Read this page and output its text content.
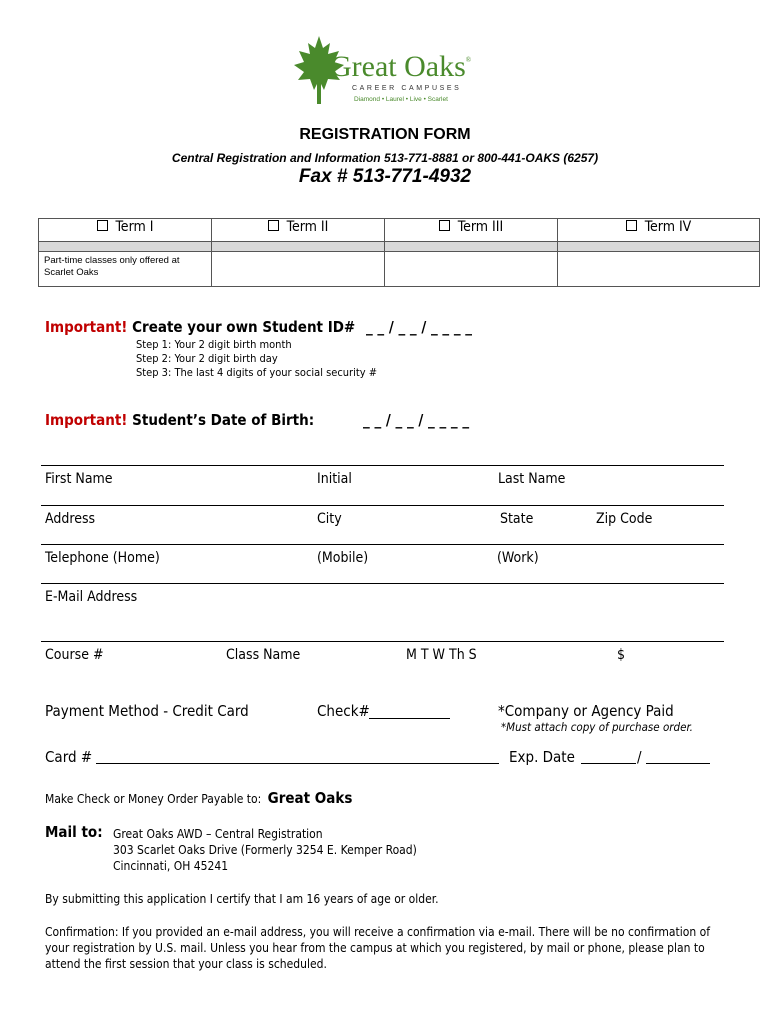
Great Oaks®
CAREER CAMPUSES
Diamond • Laurel • Live • Scarlet
REGISTRATION FORM
Central Registration and Information 513-771-8881 or 800-441-OAKS (6257)
Fax # 513-771-4932
Term I	Term II	Term III	Term IV

Part-time classes only offered at Scarlet Oaks			

Important! Create your own Student ID# _ _ / _ _ / _ _ _ _
Step 1: Your 2 digit birth month
Step 2: Your 2 digit birth day
Step 3: The last 4 digits of your social security #
Important! Student’s Date of Birth:	_ _ / _ _ / _ _ _ _
First Name	Initial	Last Name
Address	City	State	Zip Code
Telephone (Home)	(Mobile)	(Work)
E-Mail Address
Course #	Class Name	M T W Th S	$
Payment Method - Credit Card	Check#	*Company or Agency Paid
*Must attach copy of purchase order.
Card #	Exp. Date	/
Make Check or Money Order Payable to: Great Oaks
Mail to: Great Oaks AWD – Central Registration
303 Scarlet Oaks Drive (Formerly 3254 E. Kemper Road)
Cincinnati, OH 45241
By submitting this application I certify that I am 16 years of age or older.
Confirmation: If you provided an e-mail address, you will receive a confirmation via e-mail. There will be no confirmation of your registration by U.S. mail. Unless you hear from the campus at which you registered, by mail or phone, please plan to attend the first session that your class is scheduled.
